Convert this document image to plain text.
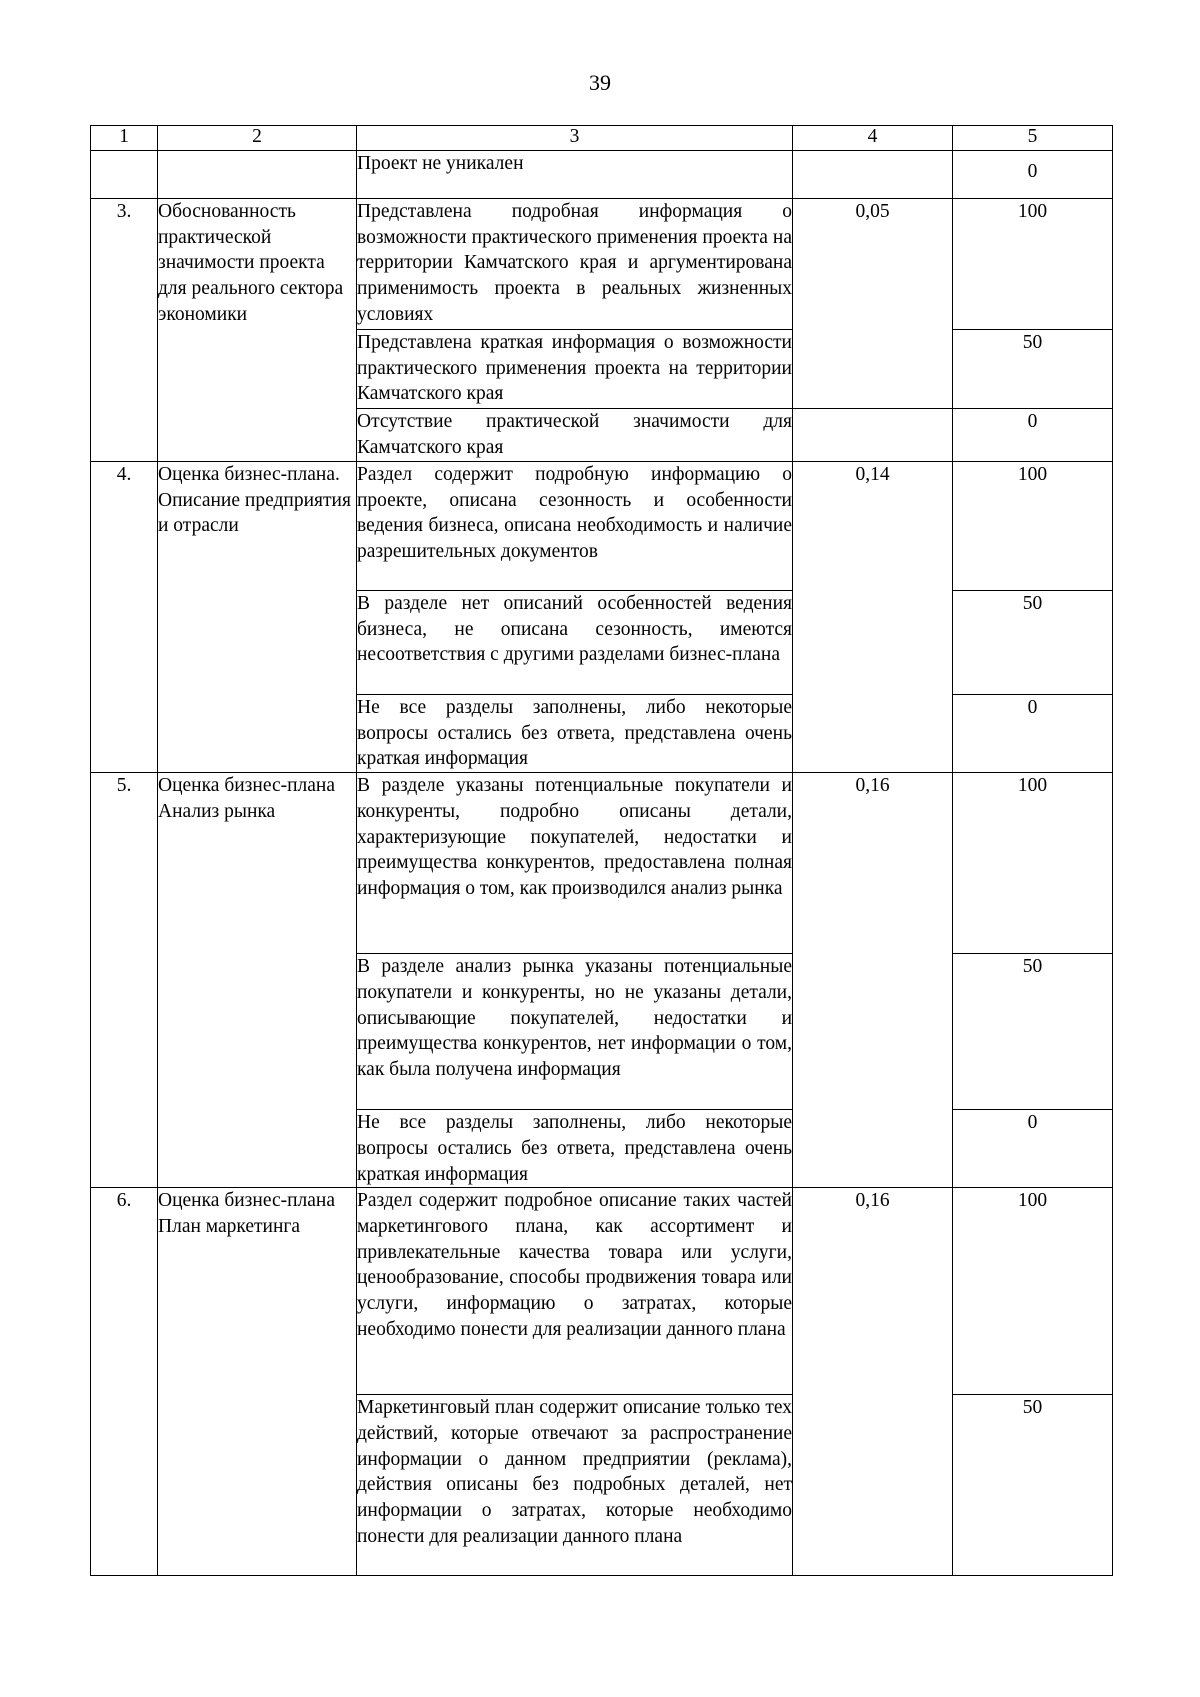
39
1	2	3	4	5
		Проект не уникален		0
3.	Обоснованность практической значимости проекта для реального сектора экономики	Представлена подробная информация о возможности практического применения проекта на территории Камчатского края и аргументирована применимость проекта в реальных жизненных условиях	0,05	100
		Представлена краткая информация о возможности практического применения проекта на территории Камчатского края		50
		Отсутствие практической значимости для Камчатского края		0
4.	Оценка бизнес-плана. Описание предприятия и отрасли	Раздел содержит подробную информацию о проекте, описана сезонность и особенности ведения бизнеса, описана необходимость и наличие разрешительных документов	0,14	100
		В разделе нет описаний особенностей ведения бизнеса, не описана сезонность, имеются несоответствия с другими разделами бизнес-плана		50
		Не все разделы заполнены, либо некоторые вопросы остались без ответа, представлена очень краткая информация		0
5.	Оценка бизнес-плана Анализ рынка	В разделе указаны потенциальные покупатели и конкуренты, подробно описаны детали, характеризующие покупателей, недостатки и преимущества конкурентов, предоставлена полная информация о том, как производился анализ рынка	0,16	100
		В разделе анализ рынка указаны потенциальные покупатели и конкуренты, но не указаны детали, описывающие покупателей, недостатки и преимущества конкурентов, нет информации о том, как была получена информация		50
		Не все разделы заполнены, либо некоторые вопросы остались без ответа, представлена очень краткая информация		0
6.	Оценка бизнес-плана План маркетинга	Раздел содержит подробное описание таких частей маркетингового плана, как ассортимент и привлекательные качества товара или услуги, ценообразование, способы продвижения товара или услуги, информацию о затратах, которые необходимо понести для реализации данного плана	0,16	100
		Маркетинговый план содержит описание только тех действий, которые отвечают за распространение информации о данном предприятии (реклама), действия описаны без подробных деталей, нет информации о затратах, которые необходимо понести для реализации данного плана		50
